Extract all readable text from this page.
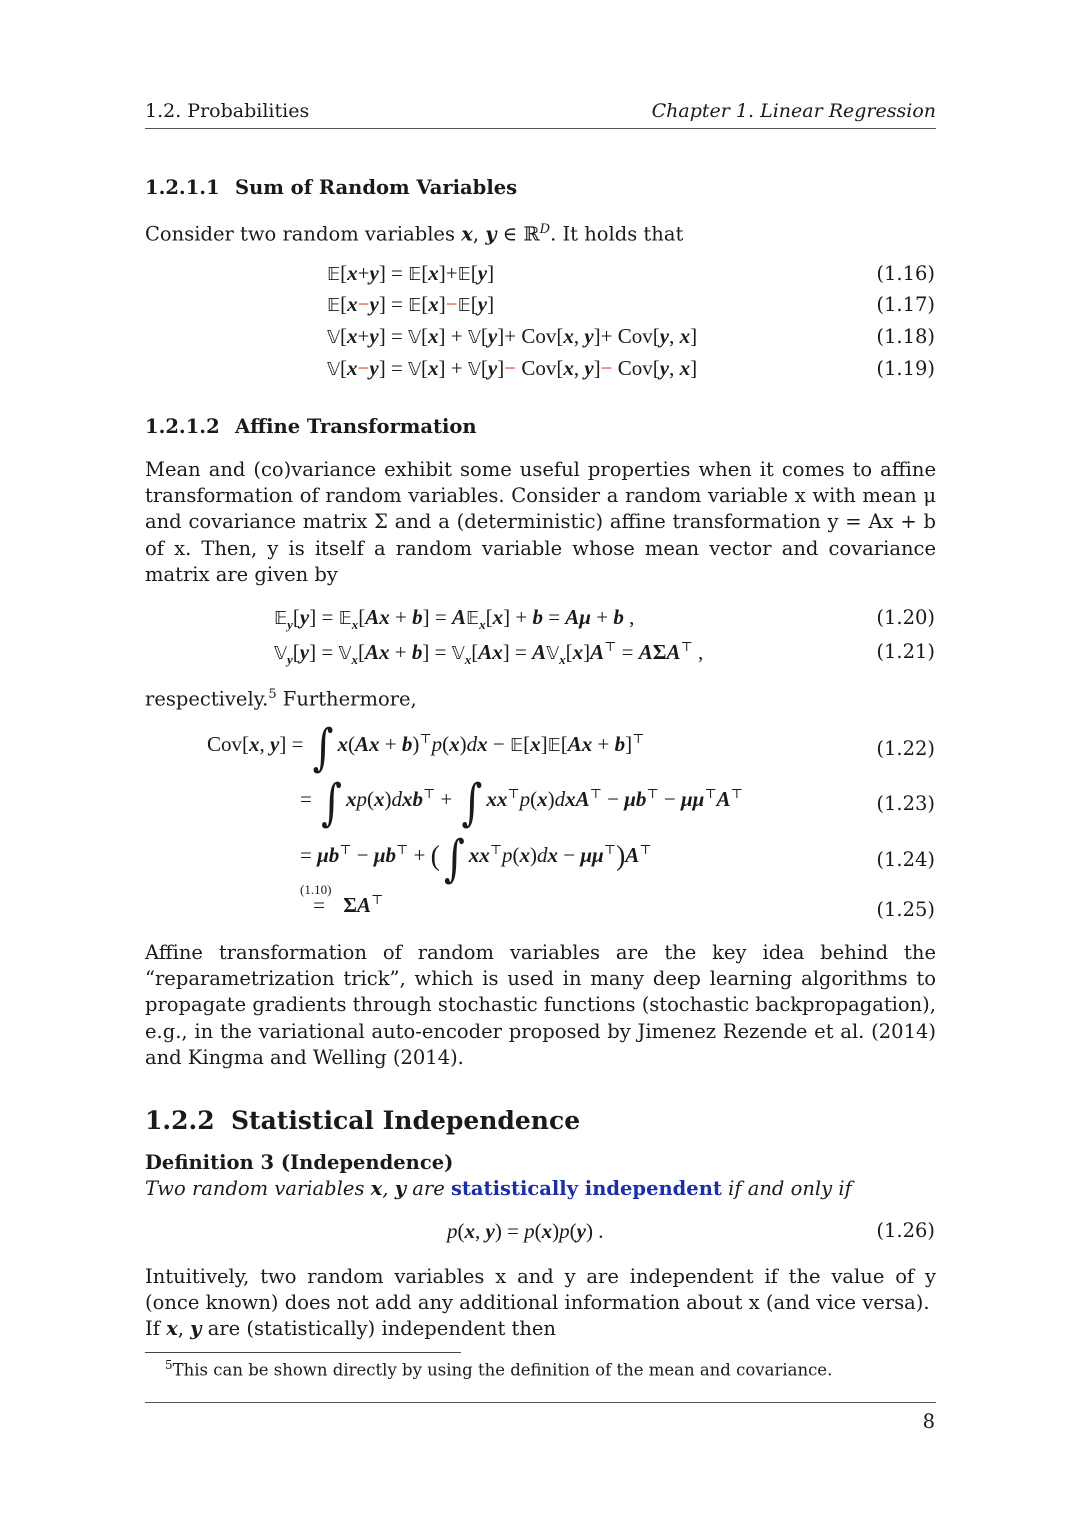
1.2. Probabilities	Chapter 1. Linear Regression
1.2.1.1 Sum of Random Variables
Consider two random variables x, y ∈ ℝ$^D$. It holds that
𝔼[x+y] = 𝔼[x]+𝔼[y]	(1.16)
𝔼[x−y] = 𝔼[x]−𝔼[y]	(1.17)
𝕍[x+y] = 𝕍[x] + 𝕍[y]+ Cov[x, y]+ Cov[y, x]	(1.18)
𝕍[x−y] = 𝕍[x] + 𝕍[y]− Cov[x, y]− Cov[y, x]	(1.19)
1.2.1.2 Affine Transformation

Mean and (co)variance exhibit some useful properties when it comes to affine transformation of random variables. Consider a random variable x with mean μ and covariance matrix Σ and a (deterministic) affine transformation y = Ax + b of x. Then, y is itself a random variable whose mean vector and covariance matrix are given by

𝔼$_y$[y] = 𝔼$_x$[Ax + b] = A𝔼$_x$[x] + b = Aμ + b ,	(1.20)
𝕍$_y$[y] = 𝕍$_x$[Ax + b] = 𝕍$_x$[Ax] = A𝕍$_x$[x]A⊤ = AΣA⊤ ,	(1.21)
respectively.$^5$ Furthermore,
Cov[x, y] = ∫ x(Ax + b)⊤p(x)dx − 𝔼[x]𝔼[Ax + b]⊤	(1.22)
= ∫ xp(x)dxb⊤ + ∫ xx⊤p(x)dxA⊤ − μb⊤ − μμ⊤A⊤	(1.23)
= μb⊤ − μb⊤ + ( ∫ xx⊤p(x)dx − μμ⊤)A⊤	(1.24)
(1.10)
= ΣA⊤	(1.25)

Affine transformation of random variables are the key idea behind the “reparametrization trick”, which is used in many deep learning algorithms to propagate gradients through stochastic functions (stochastic backpropagation), e.g., in the variational auto-encoder proposed by Jimenez Rezende et al. (2014) and Kingma and Welling (2014).

1.2.2 Statistical Independence
Definition 3 (Independence)
Two random variables x, y are statistically independent if and only if
p(x, y) = p(x)p(y) .	(1.26)

Intuitively, two random variables x and y are independent if the value of y (once known) does not add any additional information about x (and vice versa).

If x, y are (statistically) independent then
$^5$This can be shown directly by using the definition of the mean and covariance.
8
